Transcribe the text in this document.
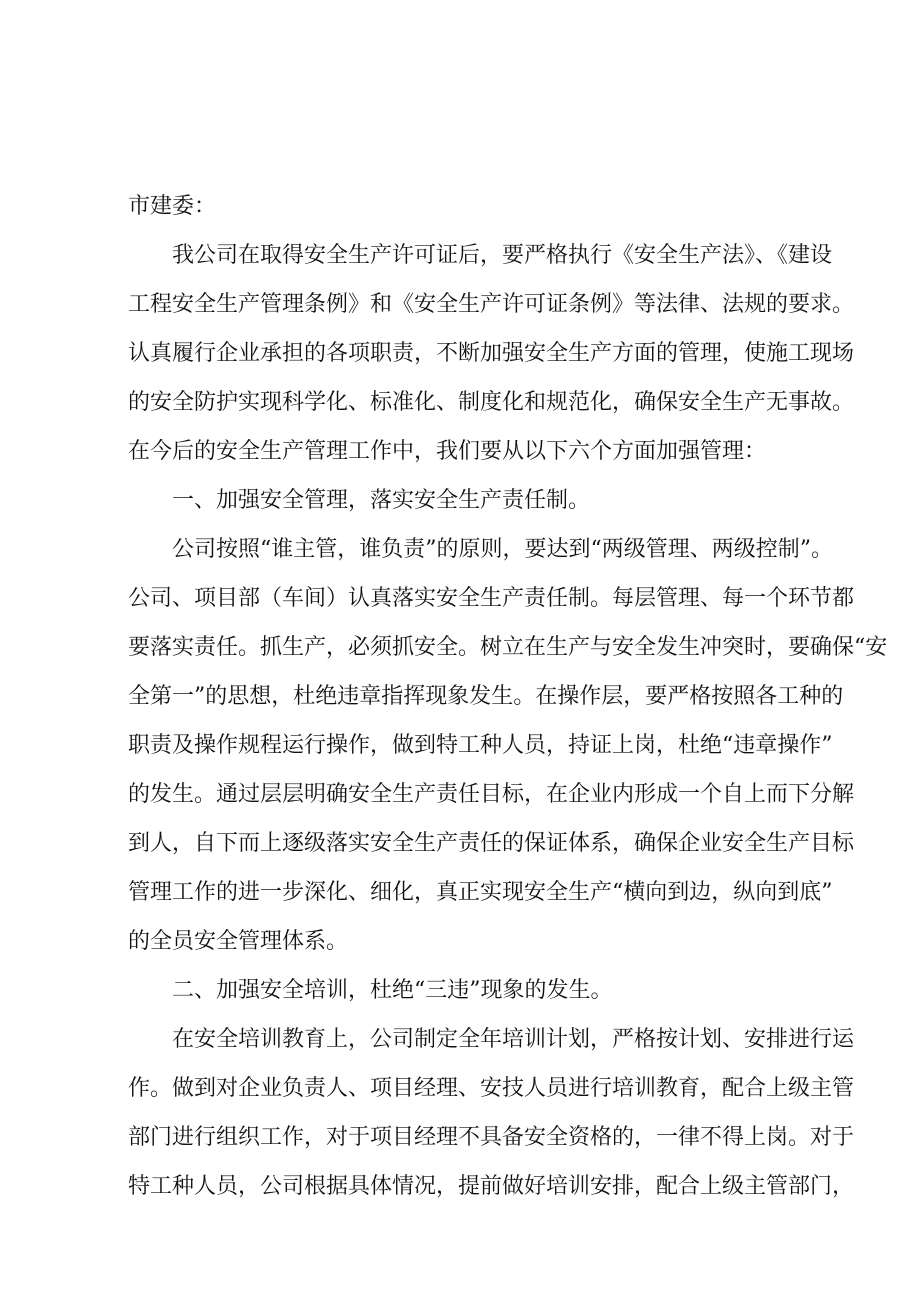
市建委：
我公司在取得安全生产许可证后，要严格执行《安全生产法》、《建设
工程安全生产管理条例》和《安全生产许可证条例》等法律、法规的要求。
认真履行企业承担的各项职责，不断加强安全生产方面的管理，使施工现场
的安全防护实现科学化、标准化、制度化和规范化，确保安全生产无事故。
在今后的安全生产管理工作中，我们要从以下六个方面加强管理：
一、加强安全管理，落实安全生产责任制。
公司按照“谁主管，谁负责”的原则，要达到“两级管理、两级控制”。
公司、项目部（车间）认真落实安全生产责任制。每层管理、每一个环节都
要落实责任。抓生产，必须抓安全。树立在生产与安全发生冲突时，要确保“安
全第一”的思想，杜绝违章指挥现象发生。在操作层，要严格按照各工种的
职责及操作规程运行操作，做到特工种人员，持证上岗，杜绝“违章操作”
的发生。通过层层明确安全生产责任目标，在企业内形成一个自上而下分解
到人，自下而上逐级落实安全生产责任的保证体系，确保企业安全生产目标
管理工作的进一步深化、细化，真正实现安全生产“横向到边，纵向到底”
的全员安全管理体系。
二、加强安全培训，杜绝“三违”现象的发生。
在安全培训教育上，公司制定全年培训计划，严格按计划、安排进行运
作。做到对企业负责人、项目经理、安技人员进行培训教育，配合上级主管
部门进行组织工作，对于项目经理不具备安全资格的，一律不得上岗。对于
特工种人员，公司根据具体情况，提前做好培训安排，配合上级主管部门，
